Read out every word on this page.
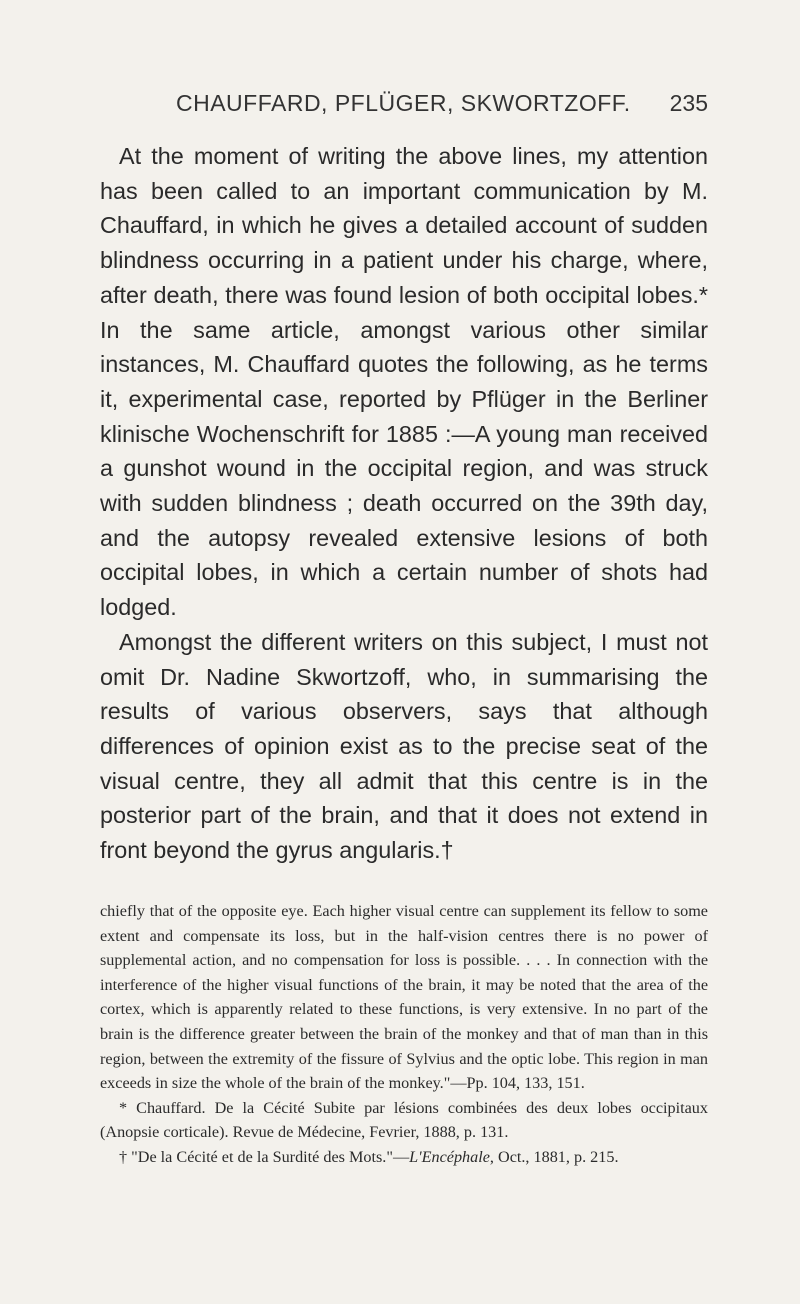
CHAUFFARD, PFLÜGER, SKWORTZOFF. 235

At the moment of writing the above lines, my attention has been called to an important communication by M. Chauffard, in which he gives a detailed account of sudden blindness occurring in a patient under his charge, where, after death, there was found lesion of both occipital lobes.* In the same article, amongst various other similar instances, M. Chauffard quotes the following, as he terms it, experimental case, reported by Pflüger in the Berliner klinische Wochenschrift for 1885 :—A young man received a gunshot wound in the occipital region, and was struck with sudden blindness ; death occurred on the 39th day, and the autopsy revealed extensive lesions of both occipital lobes, in which a certain number of shots had lodged.

Amongst the different writers on this subject, I must not omit Dr. Nadine Skwortzoff, who, in summarising the results of various observers, says that although differences of opinion exist as to the precise seat of the visual centre, they all admit that this centre is in the posterior part of the brain, and that it does not extend in front beyond the gyrus angularis.†

chiefly that of the opposite eye. Each higher visual centre can supplement its fellow to some extent and compensate its loss, but in the half-vision centres there is no power of supplemental action, and no compensation for loss is possible. . . . In connection with the interference of the higher visual functions of the brain, it may be noted that the area of the cortex, which is apparently related to these functions, is very extensive. In no part of the brain is the difference greater between the brain of the monkey and that of man than in this region, between the extremity of the fissure of Sylvius and the optic lobe. This region in man exceeds in size the whole of the brain of the monkey."—Pp. 104, 133, 151.

* Chauffard. De la Cécité Subite par lésions combinées des deux lobes occipitaux (Anopsie corticale). Revue de Médecine, Fevrier, 1888, p. 131.

† "De la Cécité et de la Surdité des Mots."—L'Encéphale, Oct., 1881, p. 215.
